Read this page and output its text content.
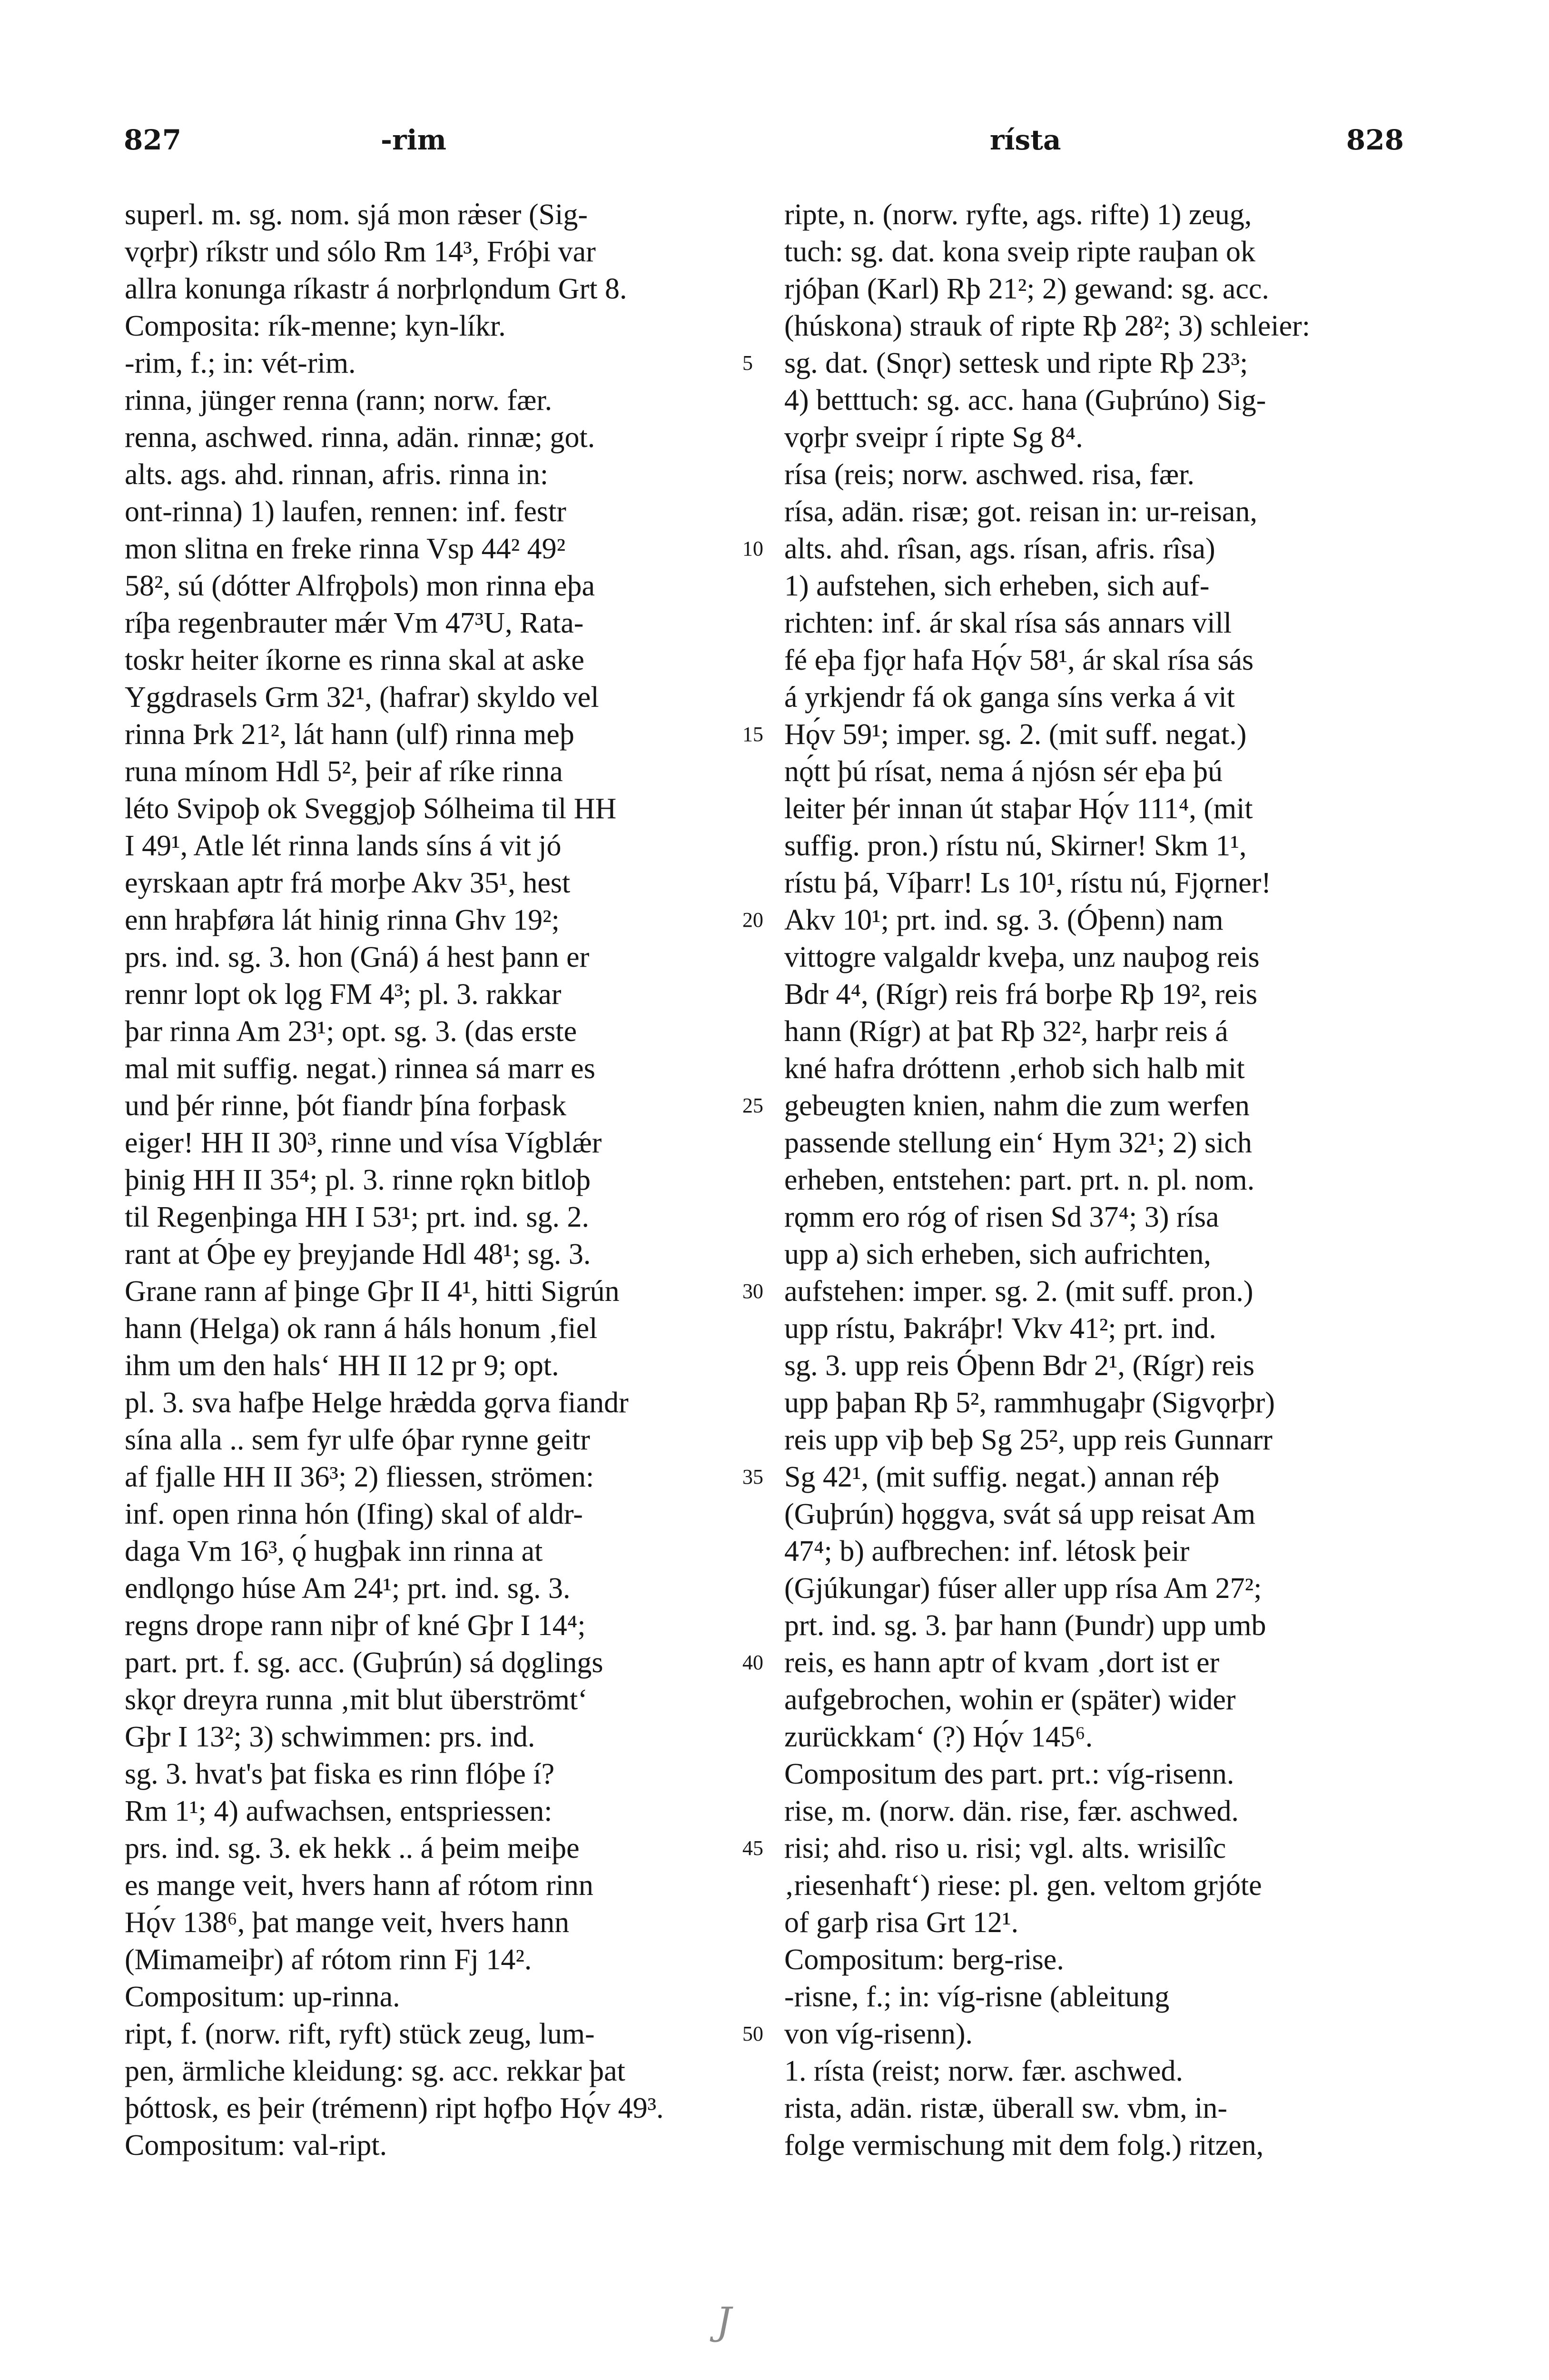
827	-rim	rísta	828
superl. m. sg. nom. sjá mon ræ̇ser (Sig-
vǫrþr) ríkstr und sólo Rm 14³, Fróþi var
allra konunga ríkastr á norþrlǫndum Grt 8.
Composita: rík-menne; kyn-líkr.
-rim, f.; in: vét-rim.
rinna, jünger renna (rann; norw. fær.
renna, aschwed. rinna, adän. rinnæ; got.
alts. ags. ahd. rinnan, afris. rinna in:
ont-rinna) 1) laufen, rennen: inf. festr
mon slitna en freke rinna Vsp 44² 49²
58², sú (dótter Alfrǫþols) mon rinna eþa
ríþa regenbrauter mǽr Vm 47³U, Rata-
toskr heiter íkorne es rinna skal at aske
Yggdrasels Grm 32¹, (hafrar) skyldo vel
rinna Þrk 21², lát hann (ulf) rinna meþ
runa mínom Hdl 5², þeir af ríke rinna
léto Svipoþ ok Sveggjoþ Sólheima til HH
I 49¹, Atle lét rinna lands síns á vit jó
eyrskaan aptr frá morþe Akv 35¹, hest
enn hraþføra lát hinig rinna Ghv 19²;
prs. ind. sg. 3. hon (Gná) á hest þann er
rennr lopt ok lǫg FM 4³; pl. 3. rakkar
þar rinna Am 23¹; opt. sg. 3. (das erste
mal mit suffig. negat.) rinnea sá marr es
und þér rinne, þót fiandr þína forþask
eiger! HH II 30³, rinne und vísa Vígblǽr
þinig HH II 35⁴; pl. 3. rinne rǫkn bitloþ
til Regenþinga HH I 53¹; prt. ind. sg. 2.
rant at Óþe ey þreyjande Hdl 48¹; sg. 3.
Grane rann af þinge Gþr II 4¹, hitti Sigrún
hann (Helga) ok rann á háls honum ‚fiel
ihm um den hals‘ HH II 12 pr 9; opt.
pl. 3. sva hafþe Helge hræ̇dda gǫrva fiandr
sína alla .. sem fyr ulfe óþar rynne geitr
af fjalle HH II 36³; 2) fliessen, strömen:
inf. open rinna hón (Ifing) skal of aldr-
daga Vm 16³, ǫ́ hugþak inn rinna at
endlǫngo húse Am 24¹; prt. ind. sg. 3.
regns drope rann niþr of kné Gþr I 14⁴;
part. prt. f. sg. acc. (Guþrún) sá dǫglings
skǫr dreyra runna ‚mit blut überströmt‘
Gþr I 13²; 3) schwimmen: prs. ind.
sg. 3. hvat's þat fiska es rinn flóþe í?
Rm 1¹; 4) aufwachsen, entspriessen:
prs. ind. sg. 3. ek hekk .. á þeim meiþe
es mange veit, hvers hann af rótom rinn
Hǫ́v 138⁶, þat mange veit, hvers hann
(Mimameiþr) af rótom rinn Fj 14².
Compositum: up-rinna.
ript, f. (norw. rift, ryft) stück zeug, lum-
pen, ärmliche kleidung: sg. acc. rekkar þat
þóttosk, es þeir (trémenn) ript hǫfþo Hǫ́v 49³.
Compositum: val-ript.
5
10
15
20
25
30
35
40
45
50
ripte, n. (norw. ryfte, ags. rifte) 1) zeug,
tuch: sg. dat. kona sveip ripte rauþan ok
rjóþan (Karl) Rþ 21²; 2) gewand: sg. acc.
(húskona) strauk of ripte Rþ 28²; 3) schleier:
sg. dat. (Snǫr) settesk und ripte Rþ 23³;
4) betttuch: sg. acc. hana (Guþrúno) Sig-
vǫrþr sveipr í ripte Sg 8⁴.
rísa (reis; norw. aschwed. risa, fær.
rísa, adän. risæ; got. reisan in: ur-reisan,
alts. ahd. rîsan, ags. rísan, afris. rîsa)
1) aufstehen, sich erheben, sich auf-
richten: inf. ár skal rísa sás annars vill
fé eþa fjǫr hafa Hǫ́v 58¹, ár skal rísa sás
á yrkjendr fá ok ganga síns verka á vit
Hǫ́v 59¹; imper. sg. 2. (mit suff. negat.)
nǫ́tt þú rísat, nema á njósn sér eþa þú
leiter þér innan út staþar Hǫ́v 111⁴, (mit
suffig. pron.) rístu nú, Skirner! Skm 1¹,
rístu þá, Víþarr! Ls 10¹, rístu nú, Fjǫrner!
Akv 10¹; prt. ind. sg. 3. (Óþenn) nam
vittogre valgaldr kveþa, unz nauþog reis
Bdr 4⁴, (Rígr) reis frá borþe Rþ 19², reis
hann (Rígr) at þat Rþ 32², harþr reis á
kné hafra dróttenn ‚erhob sich halb mit
gebeugten knien, nahm die zum werfen
passende stellung ein‘ Hym 32¹; 2) sich
erheben, entstehen: part. prt. n. pl. nom.
rǫmm ero róg of risen Sd 37⁴; 3) rísa
upp a) sich erheben, sich aufrichten,
aufstehen: imper. sg. 2. (mit suff. pron.)
upp rístu, Þakráþr! Vkv 41²; prt. ind.
sg. 3. upp reis Óþenn Bdr 2¹, (Rígr) reis
upp þaþan Rþ 5², rammhugaþr (Sigvǫrþr)
reis upp viþ beþ Sg 25², upp reis Gunnarr
Sg 42¹, (mit suffig. negat.) annan réþ
(Guþrún) hǫggva, svát sá upp reisat Am
47⁴; b) aufbrechen: inf. létosk þeir
(Gjúkungar) fúser aller upp rísa Am 27²;
prt. ind. sg. 3. þar hann (Þundr) upp umb
reis, es hann aptr of kvam ‚dort ist er
aufgebrochen, wohin er (später) wider
zurückkam‘ (?) Hǫ́v 145⁶.
Compositum des part. prt.: víg-risenn.
rise, m. (norw. dän. rise, fær. aschwed.
risi; ahd. riso u. risi; vgl. alts. wrisilîc
‚riesenhaft‘) riese: pl. gen. veltom grjóte
of garþ risa Grt 12¹.
Compositum: berg-rise.
-risne, f.; in: víg-risne (ableitung
von víg-risenn).
1. rísta (reist; norw. fær. aschwed.
rista, adän. ristæ, überall sw. vbm, in-
folge vermischung mit dem folg.) ritzen,
J
